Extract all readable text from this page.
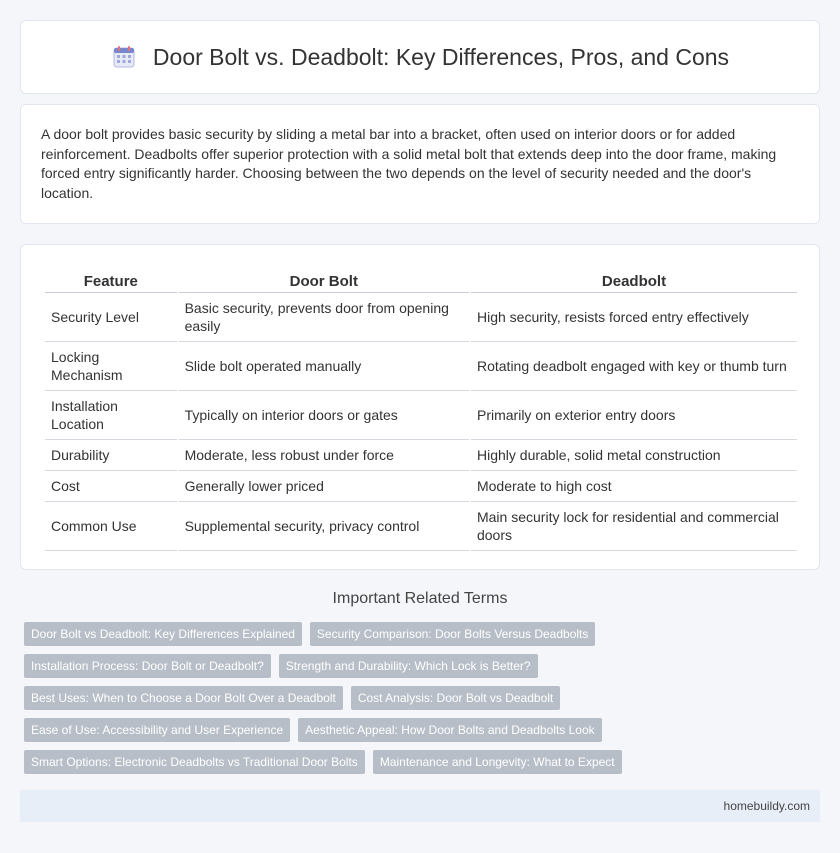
Door Bolt vs. Deadbolt: Key Differences, Pros, and Cons

A door bolt provides basic security by sliding a metal bar into a bracket, often used on interior doors or for added reinforcement. Deadbolts offer superior protection with a solid metal bolt that extends deep into the door frame, making forced entry significantly harder. Choosing between the two depends on the level of security needed and the door's location.

Feature	Door Bolt	Deadbolt
Security Level	Basic security, prevents door from opening easily	High security, resists forced entry effectively
Locking Mechanism	Slide bolt operated manually	Rotating deadbolt engaged with key or thumb turn
Installation Location	Typically on interior doors or gates	Primarily on exterior entry doors
Durability	Moderate, less robust under force	Highly durable, solid metal construction
Cost	Generally lower priced	Moderate to high cost
Common Use	Supplemental security, privacy control	Main security lock for residential and commercial doors
Important Related Terms
Door Bolt vs Deadbolt: Key Differences Explained	Security Comparison: Door Bolts Versus Deadbolts
Installation Process: Door Bolt or Deadbolt?	Strength and Durability: Which Lock is Better?
Best Uses: When to Choose a Door Bolt Over a Deadbolt	Cost Analysis: Door Bolt vs Deadbolt
Ease of Use: Accessibility and User Experience	Aesthetic Appeal: How Door Bolts and Deadbolts Look
Smart Options: Electronic Deadbolts vs Traditional Door Bolts	Maintenance and Longevity: What to Expect
homebuildy.com
